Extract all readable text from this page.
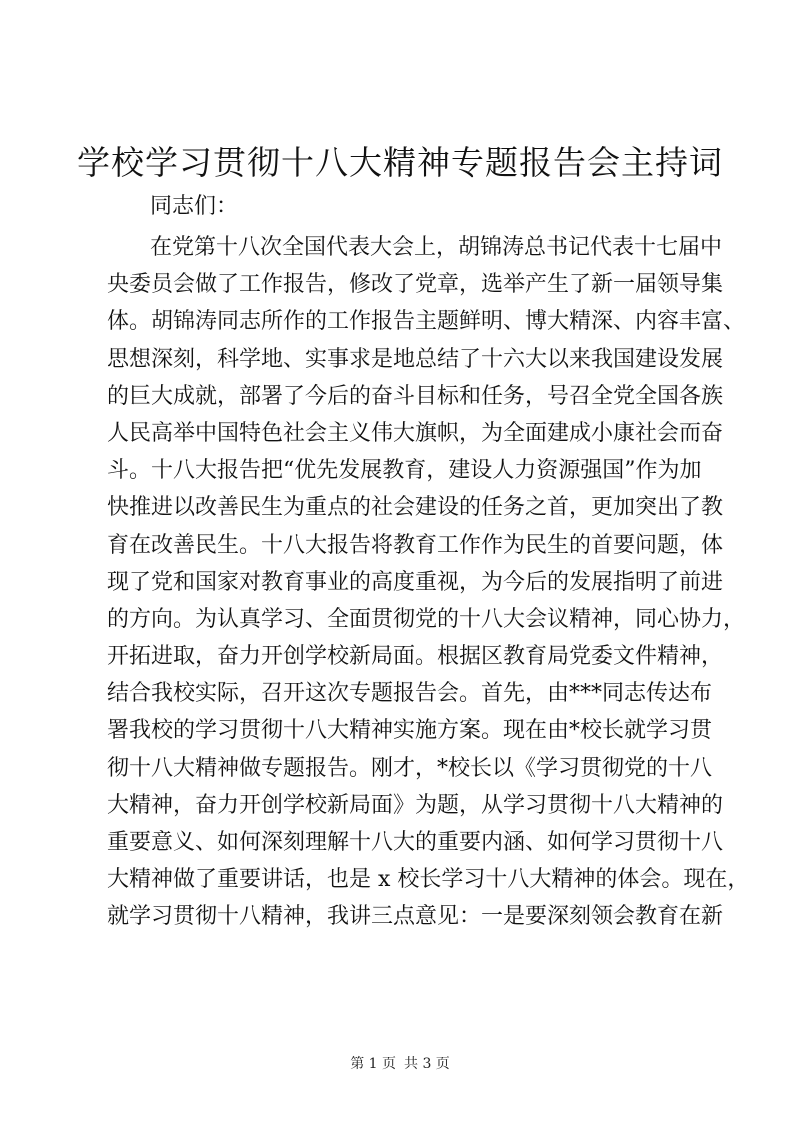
学校学习贯彻十八大精神专题报告会主持词

同志们：

在党第十八次全国代表大会上，胡锦涛总书记代表十七届中
央委员会做了工作报告，修改了党章，选举产生了新一届领导集
体。胡锦涛同志所作的工作报告主题鲜明、博大精深、内容丰富、
思想深刻，科学地、实事求是地总结了十六大以来我国建设发展
的巨大成就，部署了今后的奋斗目标和任务，号召全党全国各族
人民高举中国特色社会主义伟大旗帜，为全面建成小康社会而奋
斗。十八大报告把“优先发展教育，建设人力资源强国”作为加
快推进以改善民生为重点的社会建设的任务之首，更加突出了教
育在改善民生。十八大报告将教育工作作为民生的首要问题，体
现了党和国家对教育事业的高度重视，为今后的发展指明了前进
的方向。为认真学习、全面贯彻党的十八大会议精神，同心协力，
开拓进取，奋力开创学校新局面。根据区教育局党委文件精神，
结合我校实际，召开这次专题报告会。首先，由***同志传达布
署我校的学习贯彻十八大精神实施方案。现在由*校长就学习贯
彻十八大精神做专题报告。刚才，*校长以《学习贯彻党的十八
大精神，奋力开创学校新局面》为题，从学习贯彻十八大精神的
重要意义、如何深刻理解十八大的重要内涵、如何学习贯彻十八
大精神做了重要讲话，也是 x 校长学习十八大精神的体会。现在，
就学习贯彻十八精神，我讲三点意见：一是要深刻领会教育在新
第 1 页 共 3 页
